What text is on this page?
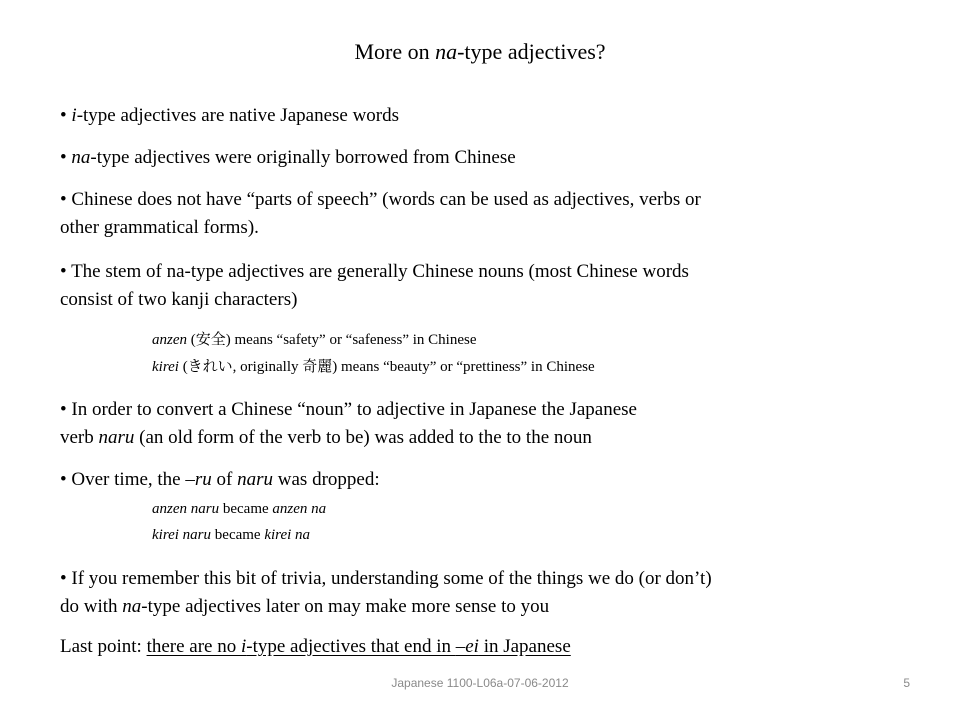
More on na-type adjectives?
• i-type adjectives are native Japanese words
• na-type adjectives were originally borrowed from Chinese
• Chinese does not have “parts of speech” (words can be used as adjectives, verbs or
other grammatical forms).
• The stem of na-type adjectives are generally Chinese nouns (most Chinese words
consist of two kanji characters)
anzen (安全) means “safety” or “safeness” in Chinese
kirei (きれい, originally 奇麗) means “beauty” or “prettiness” in Chinese
• In order to convert a Chinese “noun” to adjective in Japanese the Japanese
verb naru (an old form of the verb to be) was added to the to the noun
• Over time, the –ru of naru was dropped:
anzen naru became anzen na
kirei naru became kirei na
• If you remember this bit of trivia, understanding some of the things we do (or don’t)
do with na-type adjectives later on may make more sense to you
Last point: there are no i-type adjectives that end in –ei in Japanese
Japanese 1100-L06a-07-06-2012	5
